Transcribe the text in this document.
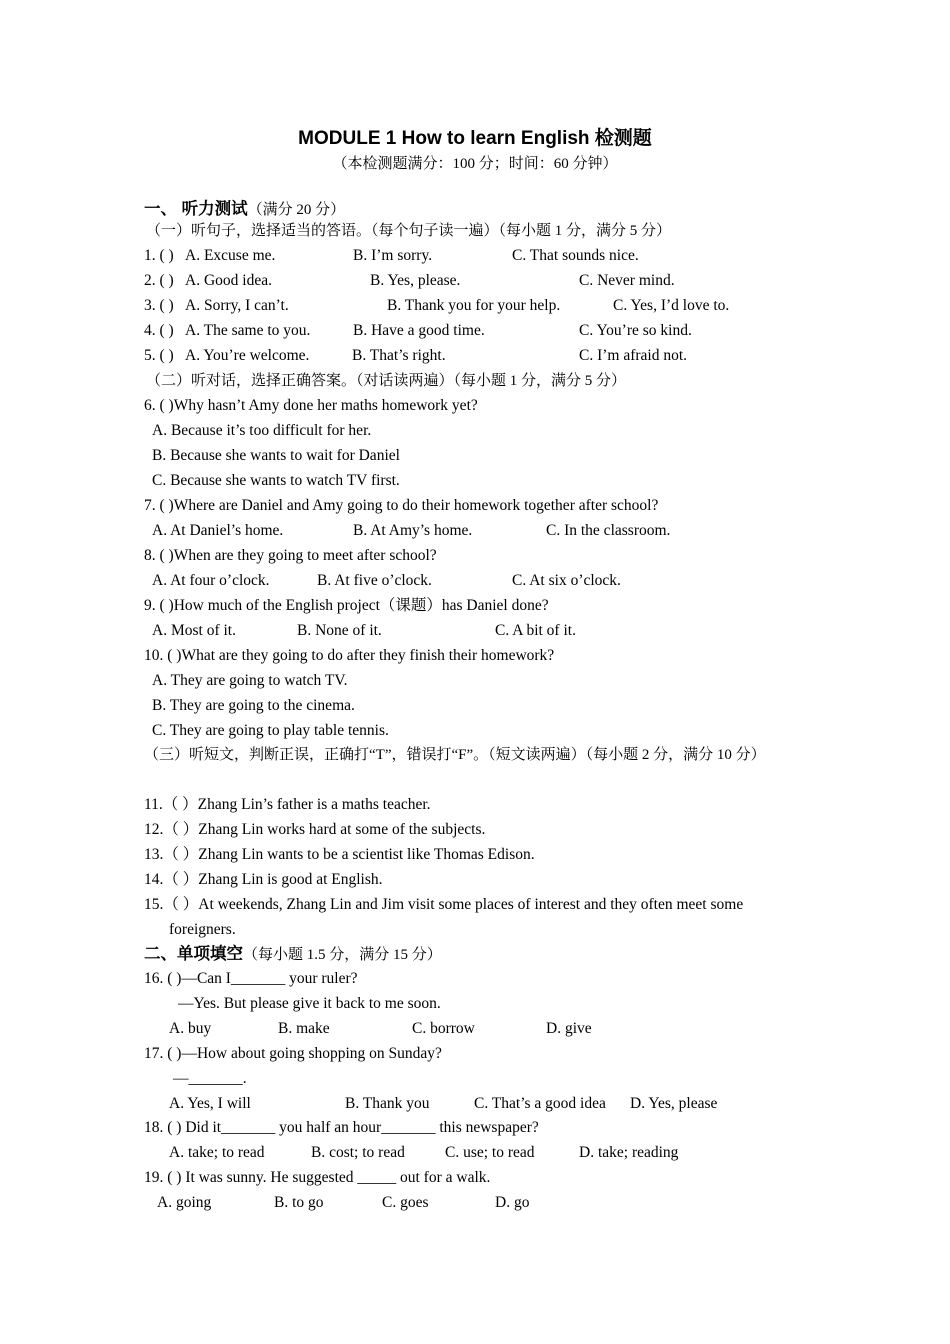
MODULE 1 How to learn English 检测题
（本检测题满分：100 分；时间：60 分钟）
一、 听力测试（满分 20 分）
（一）听句子，选择适当的答语。（每个句子读一遍）（每小题 1 分，满分 5 分）
1. ( ) A. Excuse me.	B. I’m sorry.	C. That sounds nice.
2. ( ) A. Good idea.	B. Yes, please.	C. Never mind.
3. ( ) A. Sorry, I can’t.	B. Thank you for your help.	C. Yes, I’d love to.
4. ( ) A. The same to you.	B. Have a good time.	C. You’re so kind.
5. ( ) A. You’re welcome.	B. That’s right.	C. I’m afraid not.
（二）听对话，选择正确答案。（对话读两遍）（每小题 1 分，满分 5 分）
6. ( )Why hasn’t Amy done her maths homework yet?
A. Because it’s too difficult for her.
B. Because she wants to wait for Daniel
C. Because she wants to watch TV first.
7. ( )Where are Daniel and Amy going to do their homework together after school?
A. At Daniel’s home.	B. At Amy’s home.	C. In the classroom.
8. ( )When are they going to meet after school?
A. At four o’clock.	B. At five o’clock.	C. At six o’clock.
9. ( )How much of the English project（课题）has Daniel done?
A. Most of it.	B. None of it.	C. A bit of it.
10. ( )What are they going to do after they finish their homework?
A. They are going to watch TV.
B. They are going to the cinema.
C. They are going to play table tennis.
（三）听短文，判断正误，正确打“T”，错误打“F”。（短文读两遍）（每小题 2 分，满分 10 分）
11.（ ）Zhang Lin’s father is a maths teacher.
12.（ ）Zhang Lin works hard at some of the subjects.
13.（ ）Zhang Lin wants to be a scientist like Thomas Edison.
14.（ ）Zhang Lin is good at English.
15.（ ）At weekends, Zhang Lin and Jim visit some places of interest and they often meet some
foreigners.
二、单项填空（每小题 1.5 分，满分 15 分）
16. ( )—Can I_______ your ruler?
—Yes. But please give it back to me soon.
A. buy	B. make	C. borrow	D. give
17. ( )—How about going shopping on Sunday?
—_______.
A. Yes, I will	B. Thank you	C. That’s a good idea D. Yes, please
18. ( ) Did it_______ you half an hour_______ this newspaper?
A. take; to read	B. cost; to read	C. use; to read	D. take; reading
19. ( ) It was sunny. He suggested _____ out for a walk.
A. going	B. to go	C. goes	D. go
